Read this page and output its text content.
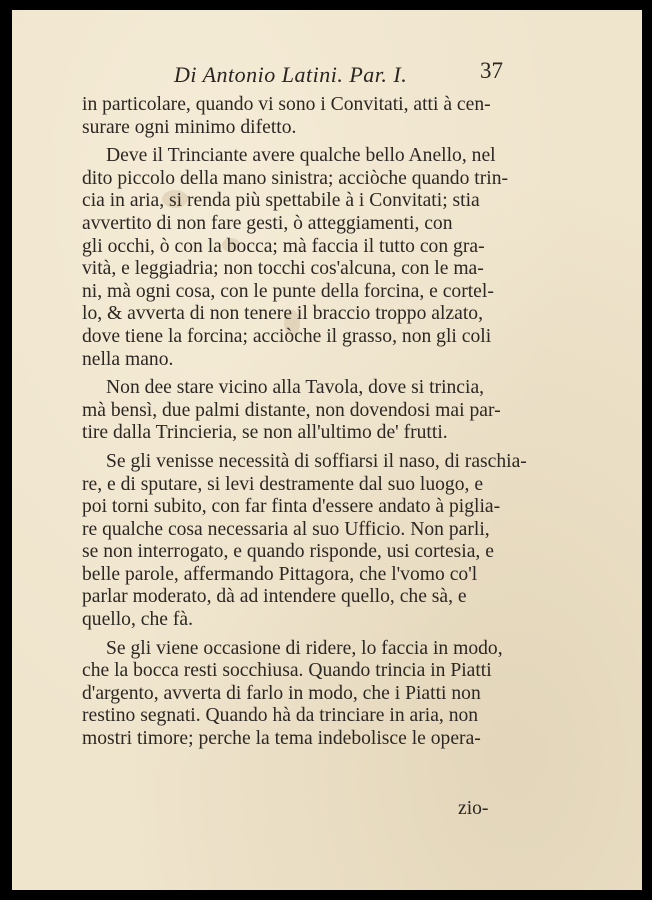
Di Antonio Latini. Par. I.	37
in particolare, quando vi sono i Convitati, atti à cen-
surare ogni minimo difetto.
Deve il Trinciante avere qualche bello Anello, nel
dito piccolo della mano sinistra; acciòche quando trin-
cia in aria, si renda più spettabile à i Convitati; stia
avvertito di non fare gesti, ò atteggiamenti, con
gli occhi, ò con la bocca; mà faccia il tutto con gra-
vità, e leggiadria; non tocchi cos'alcuna, con le ma-
ni, mà ogni cosa, con le punte della forcina, e cortel-
lo, & avverta di non tenere il braccio troppo alzato,
dove tiene la forcina; acciòche il grasso, non gli coli
nella mano.
Non dee stare vicino alla Tavola, dove si trincia,
mà bensì, due palmi distante, non dovendosi mai par-
tire dalla Trincieria, se non all'ultimo de' frutti.
Se gli venisse necessità di soffiarsi il naso, di raschia-
re, e di sputare, si levi destramente dal suo luogo, e
poi torni subito, con far finta d'essere andato à piglia-
re qualche cosa necessaria al suo Ufficio. Non parli,
se non interrogato, e quando risponde, usi cortesia, e
belle parole, affermando Pittagora, che l'vomo co'l
parlar moderato, dà ad intendere quello, che sà, e
quello, che fà.
Se gli viene occasione di ridere, lo faccia in modo,
che la bocca resti socchiusa. Quando trincia in Piatti
d'argento, avverta di farlo in modo, che i Piatti non
restino segnati. Quando hà da trinciare in aria, non
mostri timore; perche la tema indebolisce le opera-
zio-
